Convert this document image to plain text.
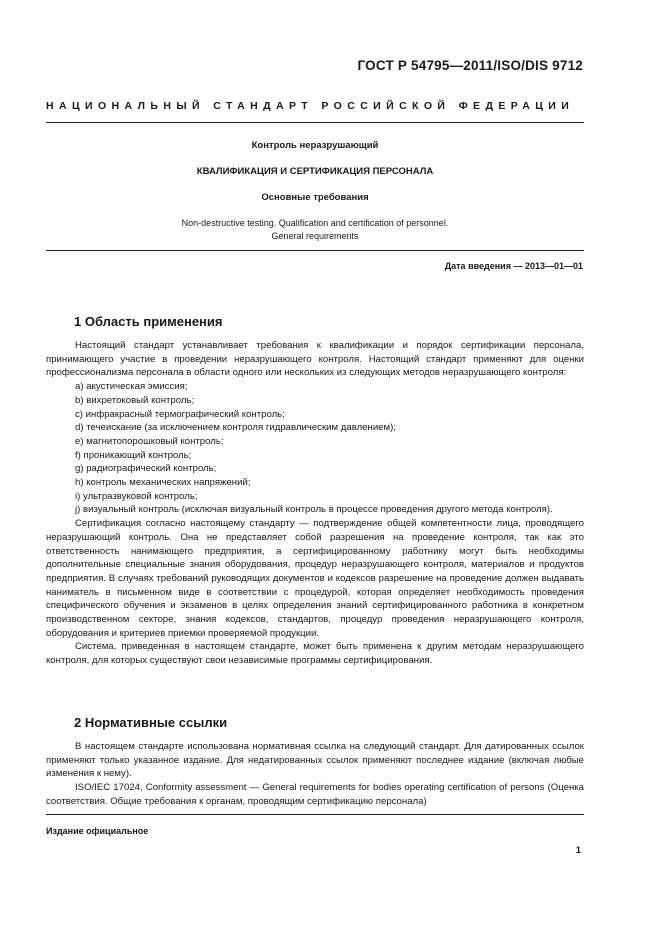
ГОСТ Р 54795—2011/ISO/DIS 9712
НАЦИОНАЛЬНЫЙ СТАНДАРТ РОССИЙСКОЙ ФЕДЕРАЦИИ
Контроль неразрушающий
КВАЛИФИКАЦИЯ И СЕРТИФИКАЦИЯ ПЕРСОНАЛА
Основные требования
Non-destructive testing. Qualification and certification of personnel.
General requirements
Дата введения — 2013—01—01
1 Область применения

Настоящий стандарт устанавливает требования к квалификации и порядок сертификации персонала, принимающего участие в проведении неразрушающего контроля. Настоящий стандарт применяют для оценки профессионализма персонала в области одного или нескольких из следующих методов неразрушающего контроля:

a) акустическая эмиссия;

b) вихретоковый контроль;

c) инфракрасный термографический контроль;

d) течеискание (за исключением контроля гидравлическим давлением);

e) магнитопорошковый контроль;

f) проникающий контроль;

g) радиографический контроль;

h) контроль механических напряжений;

i) ультразвуковой контроль;

j) визуальный контроль (исключая визуальный контроль в процессе проведения другого метода контроля).

Сертификация согласно настоящему стандарту — подтверждение общей компетентности лица, проводящего неразрушающий контроль. Она не представляет собой разрешения на проведение контроля, так как это ответственность нанимающего предприятия, а сертифицированному работнику могут быть необходимы дополнительные специальные знания оборудования, процедур неразрушающего контроля, материалов и продуктов предприятия. В случаях требований руководящих документов и кодексов разрешение на проведение должен выдавать наниматель в письменном виде в соответствии с процедурой, которая определяет необходимость проведения специфического обучения и экзаменов в целях определения знаний сертифицированного работника в конкретном производственном секторе, знания кодексов, стандартов, процедур проведения неразрушающего контроля, оборудования и критериев приемки проверяемой продукции.

Система, приведенная в настоящем стандарте, может быть применена к другим методам неразрушающего контроля, для которых существуют свои независимые программы сертифицирования.

2 Нормативные ссылки

В настоящем стандарте использована нормативная ссылка на следующий стандарт. Для датированных ссылок применяют только указанное издание. Для недатированных ссылок применяют последнее издание (включая любые изменения к нему).

ISO/IEC 17024, Conformity assessment — General requirements for bodies operating certification of persons (Оценка соответствия. Общие требования к органам, проводящим сертификацию персонала)

Издание официальное
1
